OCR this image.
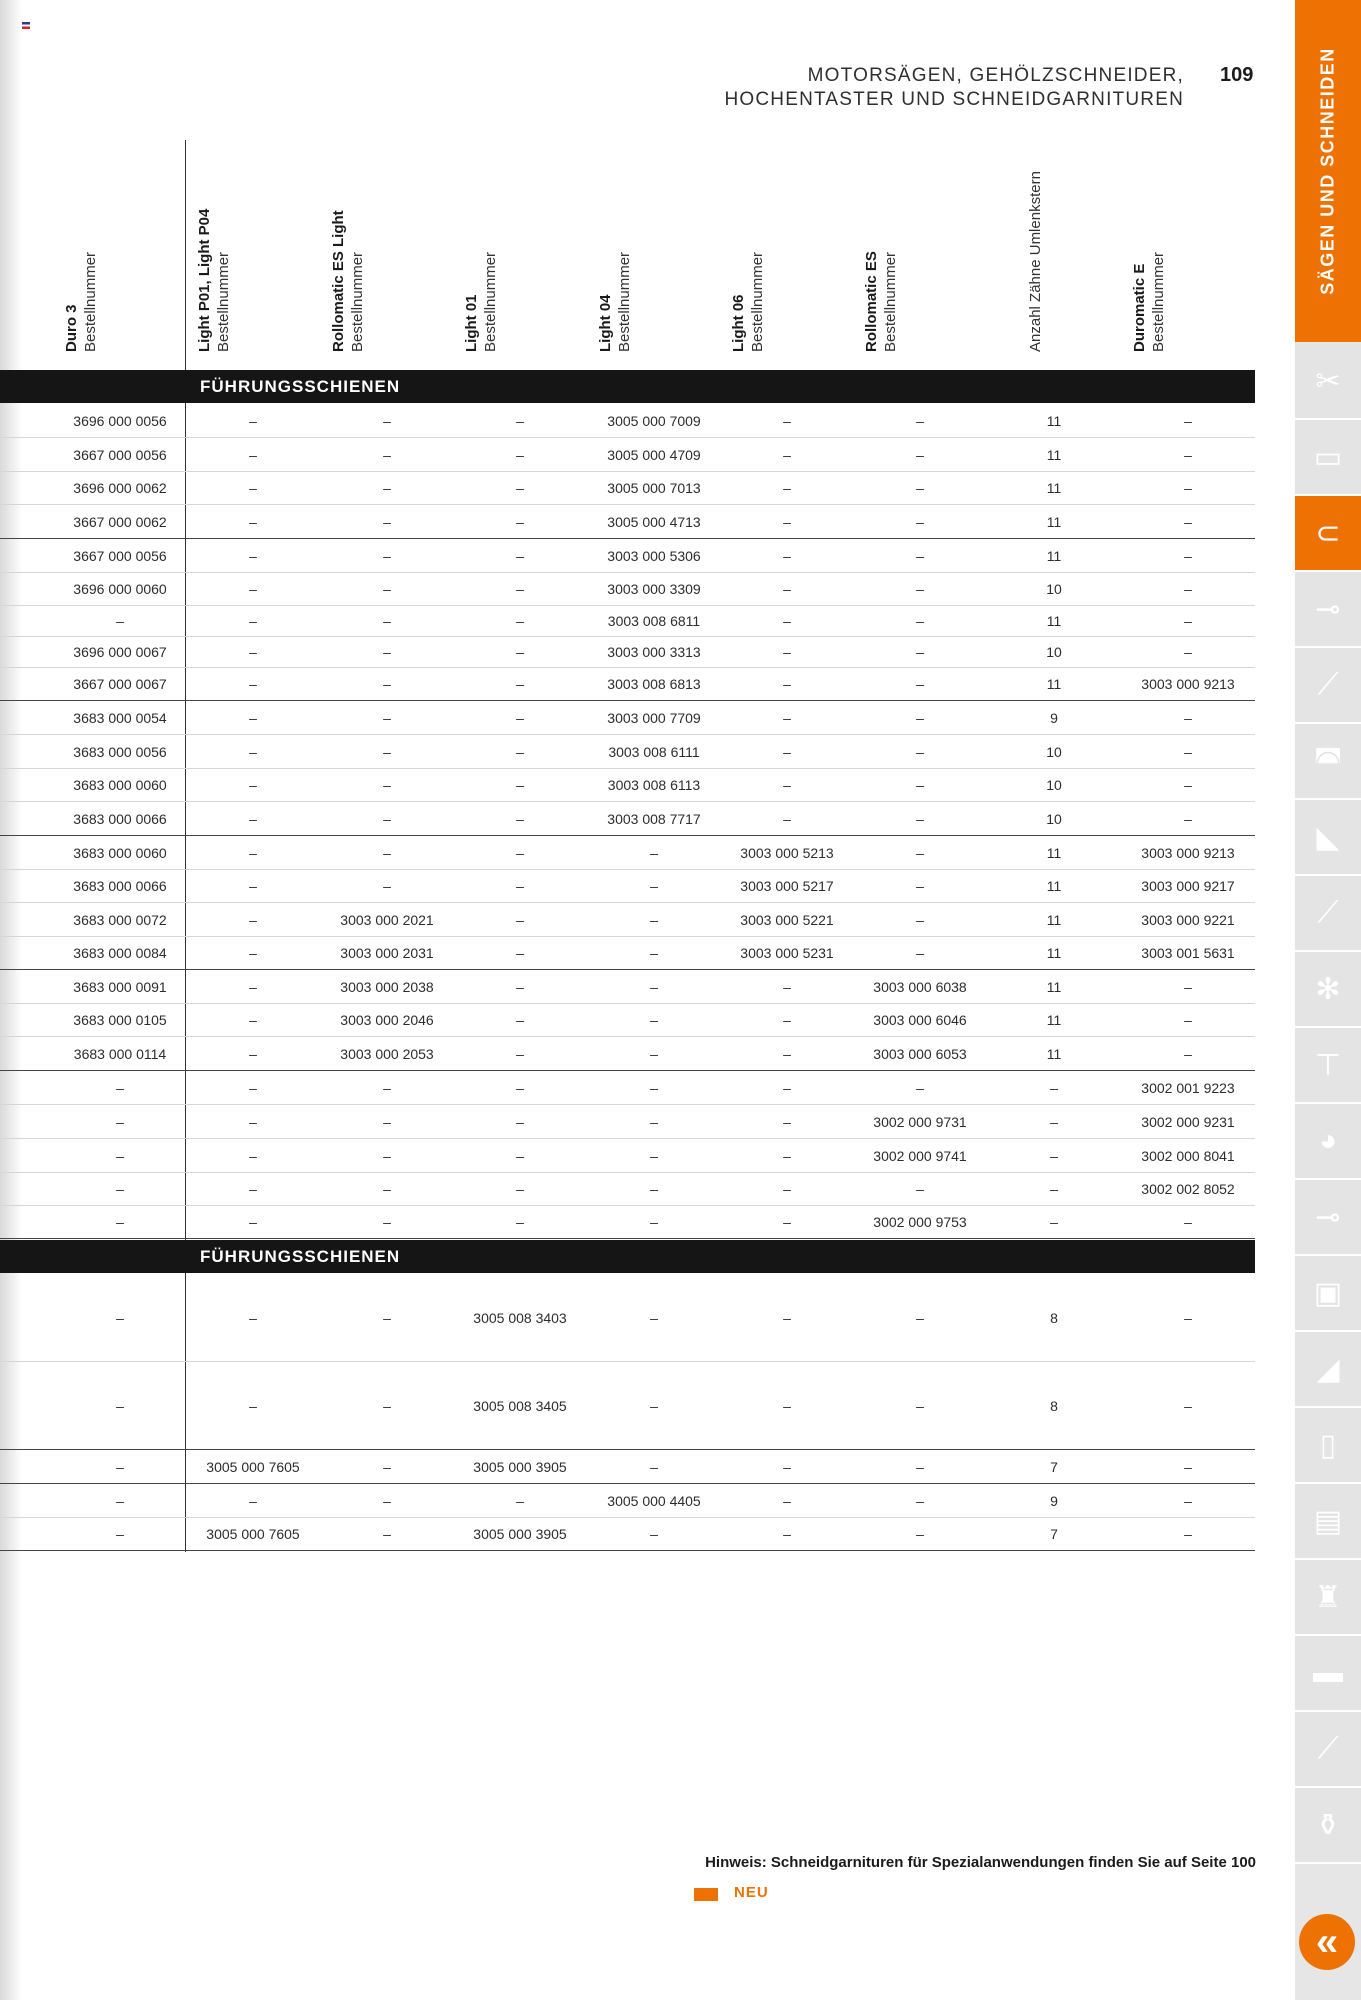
MOTORSÄGEN, GEHÖLZSCHNEIDER,
HOCHENTASTER UND SCHNEIDGARNITUREN
109
Duro 3 Bestellnummer	Light P01, Light P04 Bestellnummer	Rollomatic ES Light Bestellnummer	Light 01 Bestellnummer	Light 04 Bestellnummer	Light 06 Bestellnummer	Rollomatic ES Bestellnummer	Anzahl Zähne Umlenkstern	Duromatic E Bestellnummer
FÜHRUNGSSCHIENEN
3696 000 0056	–	–	–	3005 000 7009	–	–	11	–
3667 000 0056	–	–	–	3005 000 4709	–	–	11	–
3696 000 0062	–	–	–	3005 000 7013	–	–	11	–
3667 000 0062	–	–	–	3005 000 4713	–	–	11	–
3667 000 0056	–	–	–	3003 000 5306	–	–	11	–
3696 000 0060	–	–	–	3003 000 3309	–	–	10	–
–	–	–	–	3003 008 6811	–	–	11	–
3696 000 0067	–	–	–	3003 000 3313	–	–	10	–
3667 000 0067	–	–	–	3003 008 6813	–	–	11	3003 000 9213
3683 000 0054	–	–	–	3003 000 7709	–	–	9	–
3683 000 0056	–	–	–	3003 008 6111	–	–	10	–
3683 000 0060	–	–	–	3003 008 6113	–	–	10	–
3683 000 0066	–	–	–	3003 008 7717	–	–	10	–
3683 000 0060	–	–	–	–	3003 000 5213	–	11	3003 000 9213
3683 000 0066	–	–	–	–	3003 000 5217	–	11	3003 000 9217
3683 000 0072	–	3003 000 2021	–	–	3003 000 5221	–	11	3003 000 9221
3683 000 0084	–	3003 000 2031	–	–	3003 000 5231	–	11	3003 001 5631
3683 000 0091	–	3003 000 2038	–	–	–	3003 000 6038	11	–
3683 000 0105	–	3003 000 2046	–	–	–	3003 000 6046	11	–
3683 000 0114	–	3003 000 2053	–	–	–	3003 000 6053	11	–
–	–	–	–	–	–	–	–	3002 001 9223
–	–	–	–	–	–	3002 000 9731	–	3002 000 9231
–	–	–	–	–	–	3002 000 9741	–	3002 000 8041
–	–	–	–	–	–	–	–	3002 002 8052
–	–	–	–	–	–	3002 000 9753	–	–
FÜHRUNGSSCHIENEN
–	–	–	3005 008 3403	–	–	–	8	–
–	–	–	3005 008 3405	–	–	–	8	–
–	3005 000 7605	–	3005 000 3905	–	–	–	7	–
–	–	–	–	3005 000 4405	–	–	9	–
–	3005 000 7605	–	3005 000 3905	–	–	–	7	–
SÄGEN UND SCHNEIDEN
✂
▭
⊂
⊸
⟋
◚
◣
⟋
✻
⊤
◕
⊸
▣
◢
▯
▤
♜
▬
⟋
⚱
«
Hinweis: Schneidgarnituren für Spezialanwendungen finden Sie auf Seite 100
NEU
